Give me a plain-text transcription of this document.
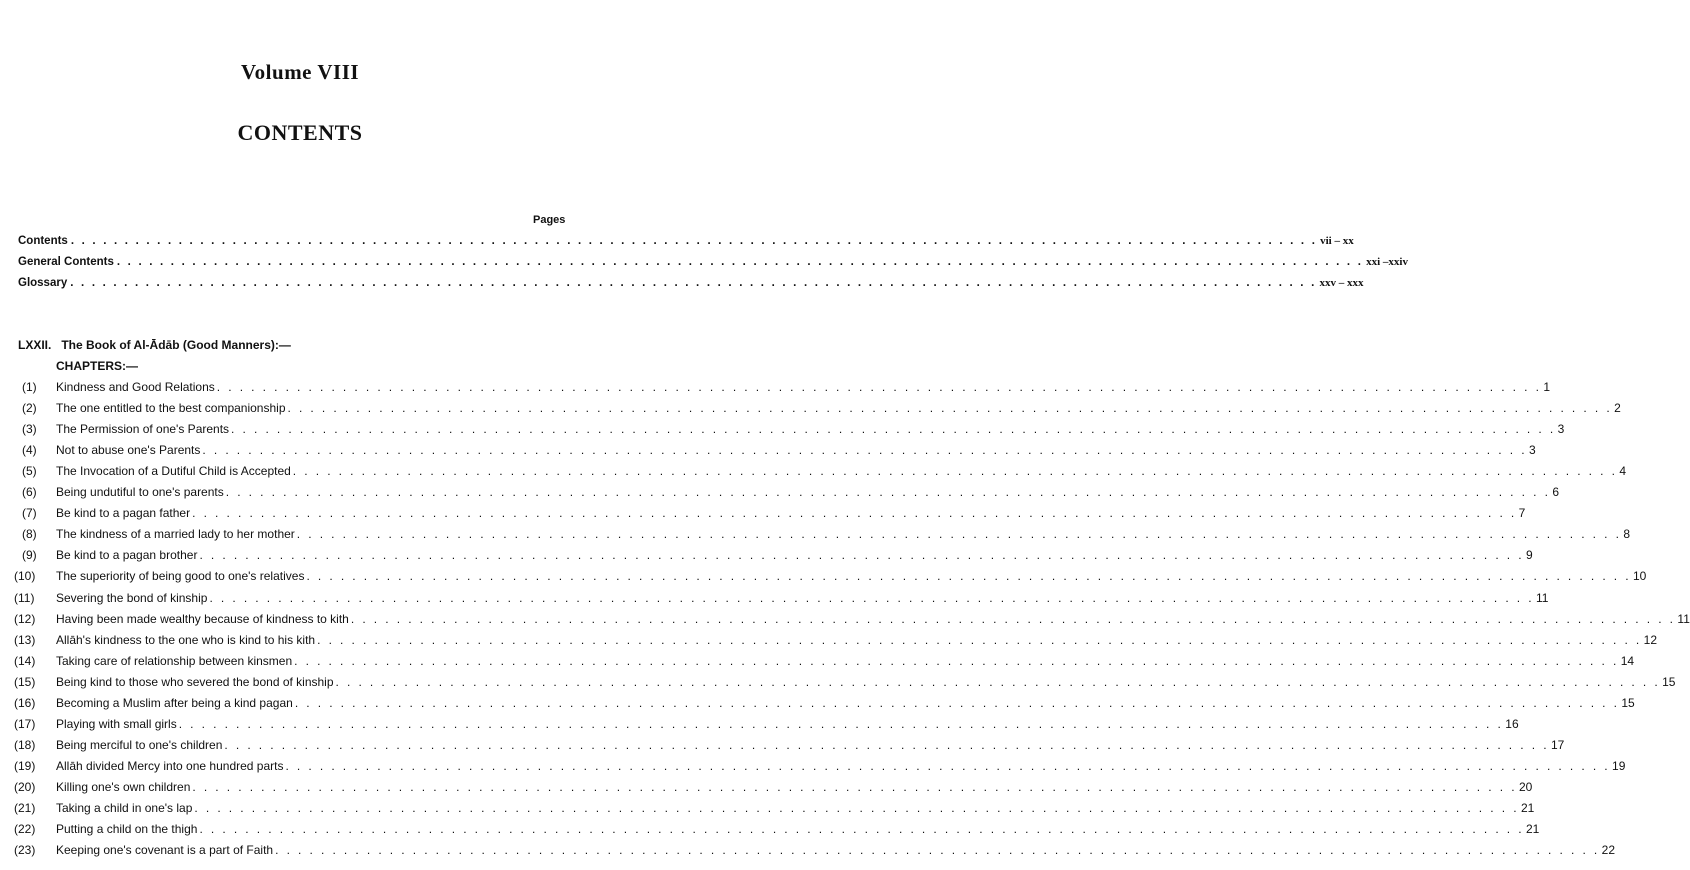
Volume VIII
CONTENTS
Pages
Contents . . . . . . . . . . . . . . . . . . . . . . . . . . . . . . . . . . . . . . . . . . . . . . . . . . . . . . . . . . . . . . . . . . . . . . . . . . . . . . . . . . . . . . . . . . . . . . . . . . . . . . . . . . . . . . . . . . . . vii – xx
General Contents . . . . . . . . . . . . . . . . . . . . . . . . . . . . . . . . . . . . . . . . . . . . . . . . . . . . . . . . . . . . . . . . . . . . . . . . . . . . . . . . . . . . . . . . . . . . . . . . . . . . . . . . . . . . . . . . . . . . xxi –xxiv
Glossary . . . . . . . . . . . . . . . . . . . . . . . . . . . . . . . . . . . . . . . . . . . . . . . . . . . . . . . . . . . . . . . . . . . . . . . . . . . . . . . . . . . . . . . . . . . . . . . . . . . . . . . . . . . . . . . . . . . . xxv – xxx
LXXII. The Book of Al-Ādāb (Good Manners):—
CHAPTERS:—
(1)	Kindness and Good Relations . . . . . . . . . . . . . . . . . . . . . . . . . . . . . . . . . . . . . . . . . . . . . . . . . . . . . . . . . . . . . . . . . . . . . . . . . . . . . . . . . . . . . . . . . . . . . . . . . . . . . . . . . . . . . . . . . . . . 1
(2)	The one entitled to the best companionship . . . . . . . . . . . . . . . . . . . . . . . . . . . . . . . . . . . . . . . . . . . . . . . . . . . . . . . . . . . . . . . . . . . . . . . . . . . . . . . . . . . . . . . . . . . . . . . . . . . . . . . . . . . . . . . . . . . . 2
(3)	The Permission of one's Parents . . . . . . . . . . . . . . . . . . . . . . . . . . . . . . . . . . . . . . . . . . . . . . . . . . . . . . . . . . . . . . . . . . . . . . . . . . . . . . . . . . . . . . . . . . . . . . . . . . . . . . . . . . . . . . . . . . . . 3
(4)	Not to abuse one's Parents . . . . . . . . . . . . . . . . . . . . . . . . . . . . . . . . . . . . . . . . . . . . . . . . . . . . . . . . . . . . . . . . . . . . . . . . . . . . . . . . . . . . . . . . . . . . . . . . . . . . . . . . . . . . . . . . . . . . 3
(5)	The Invocation of a Dutiful Child is Accepted . . . . . . . . . . . . . . . . . . . . . . . . . . . . . . . . . . . . . . . . . . . . . . . . . . . . . . . . . . . . . . . . . . . . . . . . . . . . . . . . . . . . . . . . . . . . . . . . . . . . . . . . . . . . . . . . . . . . 4
(6)	Being undutiful to one's parents . . . . . . . . . . . . . . . . . . . . . . . . . . . . . . . . . . . . . . . . . . . . . . . . . . . . . . . . . . . . . . . . . . . . . . . . . . . . . . . . . . . . . . . . . . . . . . . . . . . . . . . . . . . . . . . . . . . . 6
(7)	Be kind to a pagan father . . . . . . . . . . . . . . . . . . . . . . . . . . . . . . . . . . . . . . . . . . . . . . . . . . . . . . . . . . . . . . . . . . . . . . . . . . . . . . . . . . . . . . . . . . . . . . . . . . . . . . . . . . . . . . . . . . . . 7
(8)	The kindness of a married lady to her mother . . . . . . . . . . . . . . . . . . . . . . . . . . . . . . . . . . . . . . . . . . . . . . . . . . . . . . . . . . . . . . . . . . . . . . . . . . . . . . . . . . . . . . . . . . . . . . . . . . . . . . . . . . . . . . . . . . . . 8
(9)	Be kind to a pagan brother . . . . . . . . . . . . . . . . . . . . . . . . . . . . . . . . . . . . . . . . . . . . . . . . . . . . . . . . . . . . . . . . . . . . . . . . . . . . . . . . . . . . . . . . . . . . . . . . . . . . . . . . . . . . . . . . . . . . 9
(10)	The superiority of being good to one's relatives . . . . . . . . . . . . . . . . . . . . . . . . . . . . . . . . . . . . . . . . . . . . . . . . . . . . . . . . . . . . . . . . . . . . . . . . . . . . . . . . . . . . . . . . . . . . . . . . . . . . . . . . . . . . . . . . . . . . 10
(11)	Severing the bond of kinship . . . . . . . . . . . . . . . . . . . . . . . . . . . . . . . . . . . . . . . . . . . . . . . . . . . . . . . . . . . . . . . . . . . . . . . . . . . . . . . . . . . . . . . . . . . . . . . . . . . . . . . . . . . . . . . . . . . . 11
(12)	Having been made wealthy because of kindness to kith . . . . . . . . . . . . . . . . . . . . . . . . . . . . . . . . . . . . . . . . . . . . . . . . . . . . . . . . . . . . . . . . . . . . . . . . . . . . . . . . . . . . . . . . . . . . . . . . . . . . . . . . . . . . . . . . . . . . 11
(13)	Allāh's kindness to the one who is kind to his kith . . . . . . . . . . . . . . . . . . . . . . . . . . . . . . . . . . . . . . . . . . . . . . . . . . . . . . . . . . . . . . . . . . . . . . . . . . . . . . . . . . . . . . . . . . . . . . . . . . . . . . . . . . . . . . . . . . . . 12
(14)	Taking care of relationship between kinsmen . . . . . . . . . . . . . . . . . . . . . . . . . . . . . . . . . . . . . . . . . . . . . . . . . . . . . . . . . . . . . . . . . . . . . . . . . . . . . . . . . . . . . . . . . . . . . . . . . . . . . . . . . . . . . . . . . . . . 14
(15)	Being kind to those who severed the bond of kinship . . . . . . . . . . . . . . . . . . . . . . . . . . . . . . . . . . . . . . . . . . . . . . . . . . . . . . . . . . . . . . . . . . . . . . . . . . . . . . . . . . . . . . . . . . . . . . . . . . . . . . . . . . . . . . . . . . . . 15
(16)	Becoming a Muslim after being a kind pagan . . . . . . . . . . . . . . . . . . . . . . . . . . . . . . . . . . . . . . . . . . . . . . . . . . . . . . . . . . . . . . . . . . . . . . . . . . . . . . . . . . . . . . . . . . . . . . . . . . . . . . . . . . . . . . . . . . . . 15
(17)	Playing with small girls . . . . . . . . . . . . . . . . . . . . . . . . . . . . . . . . . . . . . . . . . . . . . . . . . . . . . . . . . . . . . . . . . . . . . . . . . . . . . . . . . . . . . . . . . . . . . . . . . . . . . . . . . . . . . . . . . . . . 16
(18)	Being merciful to one's children . . . . . . . . . . . . . . . . . . . . . . . . . . . . . . . . . . . . . . . . . . . . . . . . . . . . . . . . . . . . . . . . . . . . . . . . . . . . . . . . . . . . . . . . . . . . . . . . . . . . . . . . . . . . . . . . . . . . 17
(19)	Allāh divided Mercy into one hundred parts . . . . . . . . . . . . . . . . . . . . . . . . . . . . . . . . . . . . . . . . . . . . . . . . . . . . . . . . . . . . . . . . . . . . . . . . . . . . . . . . . . . . . . . . . . . . . . . . . . . . . . . . . . . . . . . . . . . . 19
(20)	Killing one's own children . . . . . . . . . . . . . . . . . . . . . . . . . . . . . . . . . . . . . . . . . . . . . . . . . . . . . . . . . . . . . . . . . . . . . . . . . . . . . . . . . . . . . . . . . . . . . . . . . . . . . . . . . . . . . . . . . . . . 20
(21)	Taking a child in one's lap . . . . . . . . . . . . . . . . . . . . . . . . . . . . . . . . . . . . . . . . . . . . . . . . . . . . . . . . . . . . . . . . . . . . . . . . . . . . . . . . . . . . . . . . . . . . . . . . . . . . . . . . . . . . . . . . . . . . 21
(22)	Putting a child on the thigh . . . . . . . . . . . . . . . . . . . . . . . . . . . . . . . . . . . . . . . . . . . . . . . . . . . . . . . . . . . . . . . . . . . . . . . . . . . . . . . . . . . . . . . . . . . . . . . . . . . . . . . . . . . . . . . . . . . . 21
(23)	Keeping one's covenant is a part of Faith . . . . . . . . . . . . . . . . . . . . . . . . . . . . . . . . . . . . . . . . . . . . . . . . . . . . . . . . . . . . . . . . . . . . . . . . . . . . . . . . . . . . . . . . . . . . . . . . . . . . . . . . . . . . . . . . . . . . 22
